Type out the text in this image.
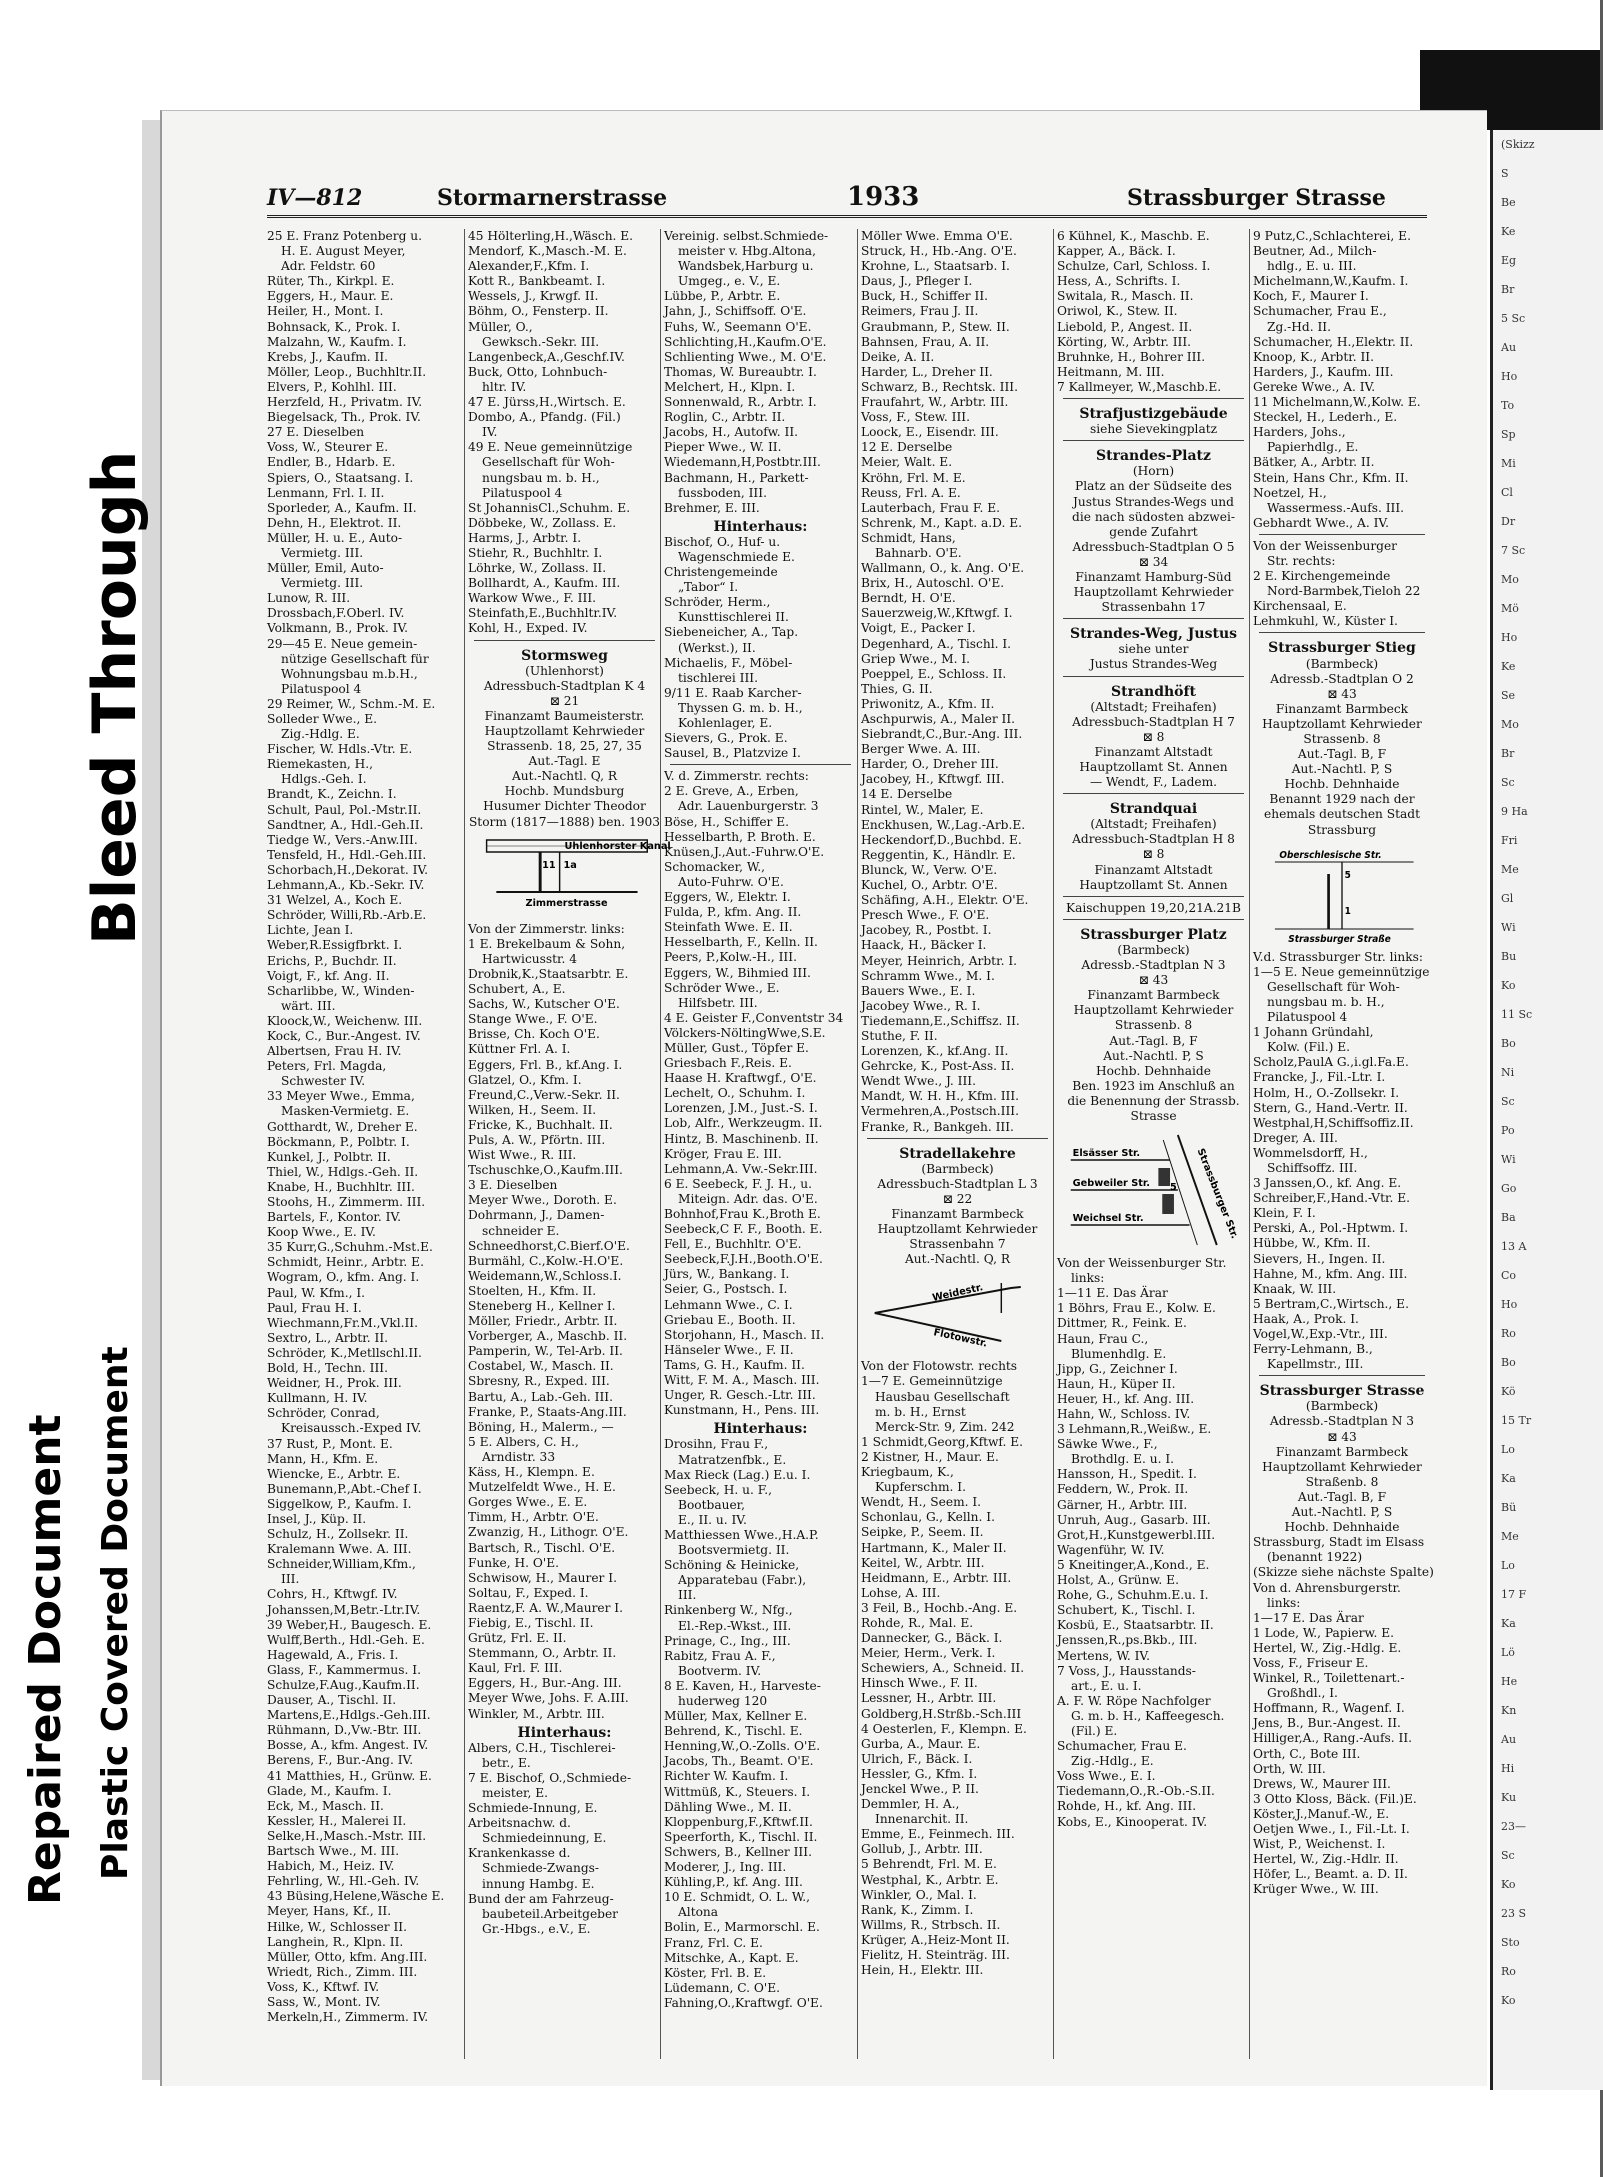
Repaired Document Plastic Covered Document
Bleed Through
IV—812	Stormarnerstrasse	1933	Strassburger Strasse
25 E. Franz Potenberg u.
H. E. August Meyer,
Adr. Feldstr. 60
Rüter, Th., Kirkpl. E.
Eggers, H., Maur. E.
Heiler, H., Mont. I.
Bohnsack, K., Prok. I.
Malzahn, W., Kaufm. I.
Krebs, J., Kaufm. II.
Möller, Leop., Buchhltr.II.
Elvers, P., Kohlhl. III.
Herzfeld, H., Privatm. IV.
Biegelsack, Th., Prok. IV.
27 E. Dieselben
Voss, W., Steurer E.
Endler, B., Hdarb. E.
Spiers, O., Staatsang. I.
Lenmann, Frl. I. II.
Sporleder, A., Kaufm. II.
Dehn, H., Elektrot. II.
Müller, H. u. E., Auto-
Vermietg. III.
Müller, Emil, Auto-
Vermietg. III.
Lunow, R. III.
Drossbach,F.Oberl. IV.
Volkmann, B., Prok. IV.
29—45 E. Neue gemein-
nützige Gesellschaft für
Wohnungsbau m.b.H.,
Pilatuspool 4
29 Reimer, W., Schm.-M. E.
Solleder Wwe., E.
Zig.-Hdlg. E.
Fischer, W. Hdls.-Vtr. E.
Riemekasten, H.,
Hdlgs.-Geh. I.
Brandt, K., Zeichn. I.
Schult, Paul, Pol.-Mstr.II.
Sandtner, A., Hdl.-Geh.II.
Tiedge W., Vers.-Anw.III.
Tensfeld, H., Hdl.-Geh.III.
Schorbach,H.,Dekorat. IV.
Lehmann,A., Kb.-Sekr. IV.
31 Welzel, A., Koch E.
Schröder, Willi,Rb.-Arb.E.
Lichte, Jean I.
Weber,R.Essigfbrkt. I.
Erichs, P., Buchdr. II.
Voigt, F., kf. Ang. II.
Scharlibbe, W., Winden-
wärt. III.
Kloock,W., Weichenw. III.
Kock, C., Bur.-Angest. IV.
Albertsen, Frau H. IV.
Peters, Frl. Magda,
Schwester IV.
33 Meyer Wwe., Emma,
Masken-Vermietg. E.
Gotthardt, W., Dreher E.
Böckmann, P., Polbtr. I.
Kunkel, J., Polbtr. II.
Thiel, W., Hdlgs.-Geh. II.
Knabe, H., Buchhltr. III.
Stoohs, H., Zimmerm. III.
Bartels, F., Kontor. IV.
Koop Wwe., E. IV.
35 Kurr,G.,Schuhm.-Mst.E.
Schmidt, Heinr., Arbtr. E.
Wogram, O., kfm. Ang. I.
Paul, W. Kfm., I.
Paul, Frau H. I.
Wiechmann,Fr.M.,Vkl.II.
Sextro, L., Arbtr. II.
Schröder, K.,Metllschl.II.
Bold, H., Techn. III.
Weidner, H., Prok. III.
Kullmann, H. IV.
Schröder, Conrad,
Kreisaussch.-Exped IV.
37 Rust, P., Mont. E.
Mann, H., Kfm. E.
Wiencke, E., Arbtr. E.
Bunemann,P.,Abt.-Chef I.
Siggelkow, P., Kaufm. I.
Insel, J., Küp. II.
Schulz, H., Zollsekr. II.
Kralemann Wwe. A. III.
Schneider,William,Kfm.,
III.
Cohrs, H., Kftwgf. IV.
Johanssen,M,Betr.-Ltr.IV.
39 Weber,H., Baugesch. E.
Wulff,Berth., Hdl.-Geh. E.
Hagewald, A., Fris. I.
Glass, F., Kammermus. I.
Schulze,F.Aug.,Kaufm.II.
Dauser, A., Tischl. II.
Martens,E.,Hdlgs.-Geh.III.
Rühmann, D.,Vw.-Btr. III.
Bosse, A., kfm. Angest. IV.
Berens, F., Bur.-Ang. IV.
41 Matthies, H., Grünw. E.
Glade, M., Kaufm. I.
Eck, M., Masch. II.
Kessler, H., Malerei II.
Selke,H.,Masch.-Mstr. III.
Bartsch Wwe., M. III.
Habich, M., Heiz. IV.
Fehrling, W., Hl.-Geh. IV.
43 Büsing,Helene,Wäsche E.
Meyer, Hans, Kf., II.
Hilke, W., Schlosser II.
Langhein, R., Klpn. II.
Müller, Otto, kfm. Ang.III.
Wriedt, Rich., Zimm. III.
Voss, K., Kftwf. IV.
Sass, W., Mont. IV.
Merkeln,H., Zimmerm. IV.
45 Hölterling,H.,Wäsch. E.
Mendorf, K.,Masch.-M. E.
Alexander,F.,Kfm. I.
Kott R., Bankbeamt. I.
Wessels, J., Krwgf. II.
Böhm, O., Fensterp. II.
Müller, O.,
Gewksch.-Sekr. III.
Langenbeck,A.,Geschf.IV.
Buck, Otto, Lohnbuch-
hltr. IV.
47 E. Jürss,H.,Wirtsch. E.
Dombo, A., Pfandg. (Fil.)
IV.
49 E. Neue gemeinnützige
Gesellschaft für Woh-
nungsbau m. b. H.,
Pilatuspool 4
St JohannisCl.,Schuhm. E.
Döbbeke, W., Zollass. E.
Harms, J., Arbtr. I.
Stiehr, R., Buchhltr. I.
Löhrke, W., Zollass. II.
Bollhardt, A., Kaufm. III.
Warkow Wwe., F. III.
Steinfath,E.,Buchhltr.IV.
Kohl, H., Exped. IV.
Stormsweg
(Uhlenhorst)
Adressbuch-Stadtplan K 4
⊠ 21
Finanzamt Baumeisterstr.
Hauptzollamt Kehrwieder
Strassenb. 18, 25, 27, 35
Aut.-Tagl. E
Aut.-Nachtl. Q, R
Hochb. Mundsburg
Husumer Dichter Theodor
Storm (1817—1888) ben. 1903
Uhlenhorster Kanal
Zimmerstrasse
11 1a
Von der Zimmerstr. links:
1 E. Brekelbaum & Sohn,
Hartwicusstr. 4
Drobnik,K.,Staatsarbtr. E.
Schubert, A., E.
Sachs, W., Kutscher O'E.
Stange Wwe., F. O'E.
Brisse, Ch. Koch O'E.
Küttner Frl. A. I.
Eggers, Frl. B., kf.Ang. I.
Glatzel, O., Kfm. I.
Freund,C.,Verw.-Sekr. II.
Wilken, H., Seem. II.
Fricke, K., Buchhalt. II.
Puls, A. W., Pförtn. III.
Wist Wwe., R. III.
Tschuschke,O.,Kaufm.III.
3 E. Dieselben
Meyer Wwe., Doroth. E.
Dohrmann, J., Damen-
schneider E.
Schneedhorst,C.Bierf.O'E.
Burmähl, C.,Kolw.-H.O'E.
Weidemann,W.,Schloss.I.
Stoelten, H., Kfm. II.
Steneberg H., Kellner I.
Möller, Friedr., Arbtr. II.
Vorberger, A., Maschb. II.
Pamperin, W., Tel-Arb. II.
Costabel, W., Masch. II.
Sbresny, R., Exped. III.
Bartu, A., Lab.-Geh. III.
Franke, P., Staats-Ang.III.
Böning, H., Malerm., —
5 E. Albers, C. H.,
Arndistr. 33
Käss, H., Klempn. E.
Mutzelfeldt Wwe., H. E.
Gorges Wwe., E. E.
Timm, H., Arbtr. O'E.
Zwanzig, H., Lithogr. O'E.
Bartsch, R., Tischl. O'E.
Funke, H. O'E.
Schwisow, H., Maurer I.
Soltau, F., Exped. I.
Raentz,F. A. W.,Maurer I.
Fiebig, E., Tischl. II.
Grütz, Frl. E. II.
Stemmann, O., Arbtr. II.
Kaul, Frl. F. III.
Eggers, H., Bur.-Ang. III.
Meyer Wwe, Johs. F. A.III.
Winkler, M., Arbtr. III.
Hinterhaus:
Albers, C.H., Tischlerei-
betr., E.
7 E. Bischof, O.,Schmiede-
meister, E.
Schmiede-Innung, E.
Arbeitsnachw. d.
Schmiedeinnung, E.
Krankenkasse d.
Schmiede-Zwangs-
innung Hambg. E.
Bund der am Fahrzeug-
baubeteil.Arbeitgeber
Gr.-Hbgs., e.V., E.
Vereinig. selbst.Schmiede-
meister v. Hbg.Altona,
Wandsbek,Harburg u.
Umgeg., e. V., E.
Lübbe, P., Arbtr. E.
Jahn, J., Schiffsoff. O'E.
Fuhs, W., Seemann O'E.
Schlichting,H.,Kaufm.O'E.
Schlienting Wwe., M. O'E.
Thomas, W. Bureaubtr. I.
Melchert, H., Klpn. I.
Sonnenwald, R., Arbtr. I.
Roglin, C., Arbtr. II.
Jacobs, H., Autofw. II.
Pieper Wwe., W. II.
Wiedemann,H,Postbtr.III.
Bachmann, H., Parkett-
fussboden, III.
Brehmer, E. III.
Hinterhaus:
Bischof, O., Huf- u.
Wagenschmiede E.
Christengemeinde
„Tabor“ I.
Schröder, Herm.,
Kunsttischlerei II.
Siebeneicher, A., Tap.
(Werkst.), II.
Michaelis, F., Möbel-
tischlerei III.
9/11 E. Raab Karcher-
Thyssen G. m. b. H.,
Kohlenlager, E.
Sievers, G., Prok. E.
Sausel, B., Platzvize I.
V. d. Zimmerstr. rechts:
2 E. Greve, A., Erben,
Adr. Lauenburgerstr. 3
Böse, H., Schiffer E.
Hesselbarth, P. Broth. E.
Knüsen,J.,Aut.-Fuhrw.O'E.
Schomacker, W.,
Auto-Fuhrw. O'E.
Eggers, W., Elektr. I.
Fulda, P., kfm. Ang. II.
Steinfath Wwe. E. II.
Hesselbarth, F., Kelln. II.
Peers, P.,Kolw.-H., III.
Eggers, W., Bihmied III.
Schröder Wwe., E.
Hilfsbetr. III.
4 E. Geister F.,Conventstr 34
Völckers-NöltingWwe,S.E.
Müller, Gust., Töpfer E.
Griesbach F.,Reis. E.
Haase H. Kraftwgf., O'E.
Lechelt, O., Schuhm. I.
Lorenzen, J.M., Just.-S. I.
Lob, Alfr., Werkzeugm. II.
Hintz, B. Maschinenb. II.
Kröger, Frau E. III.
Lehmann,A. Vw.-Sekr.III.
6 E. Seebeck, F. J. H., u.
Miteign. Adr. das. O'E.
Bohnhof,Frau K.,Broth E.
Seebeck,C F. F., Booth. E.
Fell, E., Buchhltr. O'E.
Seebeck,F.J.H.,Booth.O'E.
Jürs, W., Bankang. I.
Seier, G., Postsch. I.
Lehmann Wwe., C. I.
Griebau E., Booth. II.
Storjohann, H., Masch. II.
Hänseler Wwe., F. II.
Tams, G. H., Kaufm. II.
Witt, F. M. A., Masch. III.
Unger, R. Gesch.-Ltr. III.
Kunstmann, H., Pens. III.
Hinterhaus:
Drosihn, Frau F.,
Matratzenfbk., E.
Max Rieck (Lag.) E.u. I.
Seebeck, H. u. F.,
Bootbauer,
E., II. u. IV.
Matthiessen Wwe.,H.A.P.
Bootsvermietg. II.
Schöning & Heinicke,
Apparatebau (Fabr.),
III.
Rinkenberg W., Nfg.,
El.-Rep.-Wkst., III.
Prinage, C., Ing., III.
Rabitz, Frau A. F.,
Bootverm. IV.
8 E. Kaven, H., Harveste-
huderweg 120
Müller, Max, Kellner E.
Behrend, K., Tischl. E.
Henning,W.,O.-Zolls. O'E.
Jacobs, Th., Beamt. O'E.
Richter W. Kaufm. I.
Wittmüß, K., Steuers. I.
Dähling Wwe., M. II.
Kloppenburg,F.,Kftwf.II.
Speerforth, K., Tischl. II.
Schwers, B., Kellner III.
Moderer, J., Ing. III.
Kühling,P., kf. Ang. III.
10 E. Schmidt, O. L. W.,
Altona
Bolin, E., Marmorschl. E.
Franz, Frl. C. E.
Mitschke, A., Kapt. E.
Köster, Frl. B. E.
Lüdemann, C. O'E.
Fahning,O.,Kraftwgf. O'E.
Möller Wwe. Emma O'E.
Struck, H., Hb.-Ang. O'E.
Krohne, L., Staatsarb. I.
Daus, J., Pfleger I.
Buck, H., Schiffer II.
Reimers, Frau J. II.
Graubmann, P., Stew. II.
Bahnsen, Frau, A. II.
Deike, A. II.
Harder, L., Dreher II.
Schwarz, B., Rechtsk. III.
Fraufahrt, W., Arbtr. III.
Voss, F., Stew. III.
Loock, E., Eisendr. III.
12 E. Derselbe
Meier, Walt. E.
Kröhn, Frl. M. E.
Reuss, Frl. A. E.
Lauterbach, Frau F. E.
Schrenk, M., Kapt. a.D. E.
Schmidt, Hans,
Bahnarb. O'E.
Wallmann, O., k. Ang. O'E.
Brix, H., Autoschl. O'E.
Berndt, H. O'E.
Sauerzweig,W.,Kftwgf. I.
Voigt, E., Packer I.
Degenhard, A., Tischl. I.
Griep Wwe., M. I.
Poeppel, E., Schloss. II.
Thies, G. II.
Priwonitz, A., Kfm. II.
Aschpurwis, A., Maler II.
Siebrandt,C.,Bur.-Ang. III.
Berger Wwe. A. III.
Harder, O., Dreher III.
Jacobey, H., Kftwgf. III.
14 E. Derselbe
Rintel, W., Maler, E.
Enckhusen, W.,Lag.-Arb.E.
Heckendorf,D.,Buchbd. E.
Reggentin, K., Händlr. E.
Blunck, W., Verw. O'E.
Kuchel, O., Arbtr. O'E.
Schäfing, A.H., Elektr. O'E.
Presch Wwe., F. O'E.
Jacobey, R., Postbt. I.
Haack, H., Bäcker I.
Meyer, Heinrich, Arbtr. I.
Schramm Wwe., M. I.
Bauers Wwe., E. I.
Jacobey Wwe., R. I.
Tiedemann,E.,Schiffsz. II.
Stuthe, F. II.
Lorenzen, K., kf.Ang. II.
Gehrcke, K., Post-Ass. II.
Wendt Wwe., J. III.
Mandt, W. H. H., Kfm. III.
Vermehren,A.,Postsch.III.
Franke, R., Bankgeh. III.
Stradellakehre
(Barmbeck)
Adressbuch-Stadtplan L 3
⊠ 22
Finanzamt Barmbeck
Hauptzollamt Kehrwieder
Strassenbahn 7
Aut.-Nachtl. Q, R
Weidestr.
Flotowstr.
Von der Flotowstr. rechts
1—7 E. Gemeinnützige
Hausbau Gesellschaft
m. b. H., Ernst
Merck-Str. 9, Zim. 242
1 Schmidt,Georg,Kftwf. E.
2 Kistner, H., Maur. E.
Kriegbaum, K.,
Kupferschm. I.
Wendt, H., Seem. I.
Schonlau, G., Kelln. I.
Seipke, P., Seem. II.
Hartmann, K., Maler II.
Keitel, W., Arbtr. III.
Heidmann, E., Arbtr. III.
Lohse, A. III.
3 Feil, B., Hochb.-Ang. E.
Rohde, R., Mal. E.
Dannecker, G., Bäck. I.
Meier, Herm., Verk. I.
Schewiers, A., Schneid. II.
Hinsch Wwe., F. II.
Lessner, H., Arbtr. III.
Goldberg,H.Strßb.-Sch.III
4 Oesterlen, F., Klempn. E.
Gurba, A., Maur. E.
Ulrich, F., Bäck. I.
Hessler, G., Kfm. I.
Jenckel Wwe., P. II.
Demmler, H. A.,
Innenarchit. II.
Emme, E., Feinmech. III.
Gollub, J., Arbtr. III.
5 Behrendt, Frl. M. E.
Westphal, K., Arbtr. E.
Winkler, O., Mal. I.
Rank, K., Zimm. I.
Willms, R., Strbsch. II.
Krüger, A.,Heiz-Mont II.
Fielitz, H. Steinträg. III.
Hein, H., Elektr. III.
6 Kühnel, K., Maschb. E.
Kapper, A., Bäck. I.
Schulze, Carl, Schloss. I.
Hess, A., Schrifts. I.
Switala, R., Masch. II.
Oriwol, K., Stew. II.
Liebold, P., Angest. II.
Körting, W., Arbtr. III.
Bruhnke, H., Bohrer III.
Heitmann, M. III.
7 Kallmeyer, W.,Maschb.E.
Strafjustizgebäude
siehe Sievekingplatz
Strandes-Platz
(Horn)
Platz an der Südseite des
Justus Strandes-Wegs und
die nach südosten abzwei-
gende Zufahrt
Adressbuch-Stadtplan O 5
⊠ 34
Finanzamt Hamburg-Süd
Hauptzollamt Kehrwieder
Strassenbahn 17
Strandes-Weg, Justus
siehe unter
Justus Strandes-Weg
Strandhöft
(Altstadt; Freihafen)
Adressbuch-Stadtplan H 7
⊠ 8
Finanzamt Altstadt
Hauptzollamt St. Annen
— Wendt, F., Ladem.
Strandquai
(Altstadt; Freihafen)
Adressbuch-Stadtplan H 8
⊠ 8
Finanzamt Altstadt
Hauptzollamt St. Annen
Kaischuppen 19,20,21A.21B
Strassburger Platz
(Barmbeck)
Adressb.-Stadtplan N 3
⊠ 43
Finanzamt Barmbeck
Hauptzollamt Kehrwieder
Strassenb. 8
Aut.-Tagl. B, F
Aut.-Nachtl. P, S
Hochb. Dehnhaide
Ben. 1923 im Anschluß an
die Benennung der Strassb.
Strasse
Elsässer Str.
Gebweiler Str.
Weichsel Str.	Strassburger Str.
5
Von der Weissenburger Str.
links:
1—11 E. Das Ärar
1 Böhrs, Frau E., Kolw. E.
Dittmer, R., Feink. E.
Haun, Frau C.,
Blumenhdlg. E.
Jipp, G., Zeichner I.
Haun, H., Küper II.
Heuer, H., kf. Ang. III.
Hahn, W., Schloss. IV.
3 Lehmann,R.,Weißw., E.
Säwke Wwe., F.,
Brothdlg. E. u. I.
Hansson, H., Spedit. I.
Feddern, W., Prok. II.
Gärner, H., Arbtr. III.
Unruh, Aug., Gasarb. III.
Grot,H.,Kunstgewerbl.III.
Wagenführ, W. IV.
5 Kneitinger,A.,Kond., E.
Holst, A., Grünw. E.
Rohe, G., Schuhm.E.u. I.
Schubert, K., Tischl. I.
Kosbü, E., Staatsarbtr. II.
Jenssen,R.,ps.Bkb., III.
Mertens, W. IV.
7 Voss, J., Hausstands-
art., E. u. I.
A. F. W. Röpe Nachfolger
G. m. b. H., Kaffeegesch.
(Fil.) E.
Schumacher, Frau E.
Zig.-Hdlg., E.
Voss Wwe., E. I.
Tiedemann,O.,R.-Ob.-S.II.
Rohde, H., kf. Ang. III.
Kobs, E., Kinooperat. IV.
9 Putz,C.,Schlachterei, E.
Beutner, Ad., Milch-
hdlg., E. u. III.
Michelmann,W.,Kaufm. I.
Koch, F., Maurer I.
Schumacher, Frau E.,
Zg.-Hd. II.
Schumacher, H.,Elektr. II.
Knoop, K., Arbtr. II.
Harders, J., Kaufm. III.
Gereke Wwe., A. IV.
11 Michelmann,W.,Kolw. E.
Steckel, H., Lederh., E.
Harders, Johs.,
Papierhdlg., E.
Bätker, A., Arbtr. II.
Stein, Hans Chr., Kfm. II.
Noetzel, H.,
Wassermess.-Aufs. III.
Gebhardt Wwe., A. IV.
Von der Weissenburger
Str. rechts:
2 E. Kirchengemeinde
Nord-Barmbek,Tieloh 22
Kirchensaal, E.
Lehmkuhl, W., Küster I.
Strassburger Stieg
(Barmbeck)
Adressb.-Stadtplan O 2
⊠ 43
Finanzamt Barmbeck
Hauptzollamt Kehrwieder
Strassenb. 8
Aut.-Tagl. B, F
Aut.-Nachtl. P, S
Hochb. Dehnhaide
Benannt 1929 nach der
ehemals deutschen Stadt
Strassburg
Oberschlesische Str.
Strassburger Straße
5
1
V.d. Strassburger Str. links:
1—5 E. Neue gemeinnützige
Gesellschaft für Woh-
nungsbau m. b. H.,
Pilatuspool 4
1 Johann Gründahl,
Kolw. (Fil.) E.
Scholz,PaulA G.,i.gl.Fa.E.
Francke, J., Fil.-Ltr. I.
Holm, H., O.-Zollsekr. I.
Stern, G., Hand.-Vertr. II.
Westphal,H,Schiffsoffiz.II.
Dreger, A. III.
Wommelsdorff, H.,
Schiffsoffz. III.
3 Janssen,O., kf. Ang. E.
Schreiber,F.,Hand.-Vtr. E.
Klein, F. I.
Perski, A., Pol.-Hptwm. I.
Hübbe, W., Kfm. II.
Sievers, H., Ingen. II.
Hahne, M., kfm. Ang. III.
Knaak, W. III.
5 Bertram,C.,Wirtsch., E.
Haak, A., Prok. I.
Vogel,W.,Exp.-Vtr., III.
Ferry-Lehmann, B.,
Kapellmstr., III.
Strassburger Strasse
(Barmbeck)
Adressb.-Stadtplan N 3
⊠ 43
Finanzamt Barmbeck
Hauptzollamt Kehrwieder
Straßenb. 8
Aut.-Tagl. B, F
Aut.-Nachtl. P, S
Hochb. Dehnhaide
Strassburg, Stadt im Elsass
(benannt 1922)
(Skizze siehe nächste Spalte)
Von d. Ahrensburgerstr.
links:
1—17 E. Das Ärar
1 Lode, W., Papierw. E.
Hertel, W., Zig.-Hdlg. E.
Voss, F., Friseur E.
Winkel, R., Toilettenart.-
Großhdl., I.
Hoffmann, R., Wagenf. I.
Jens, B., Bur.-Angest. II.
Hilliger,A., Rang.-Aufs. II.
Orth, C., Bote III.
Orth, W. III.
Drews, W., Maurer III.
3 Otto Kloss, Bäck. (Fil.)E.
Köster,J.,Manuf.-W., E.
Oetjen Wwe., I., Fil.-Lt. I.
Wist, P., Weichenst. I.
Hertel, W., Zig.-Hdlr. II.
Höfer, L., Beamt. a. D. II.
Krüger Wwe., W. III.
(Skizz
S
Be
Ke
Eg
Br
5 Sc
Au
Ho
To
Sp
Mi
Cl
Dr
7 Sc
Mo
Mö
Ho
Ke
Se
Mo
Br
Sc
9 Ha
Fri
Me
Gl
Wi
Bu
Ko
11 Sc
Bo
Ni
Sc
Po
Wi
Go
Ba
13 A
Co
Ho
Ro
Bo
Kö
15 Tr
Lo
Ka
Bü
Me
Lo
17 F
Ka
Lö
He
Kn
Au
Hi
Ku
23—
Sc
Ko
23 S
Sto
Ro
Ko
